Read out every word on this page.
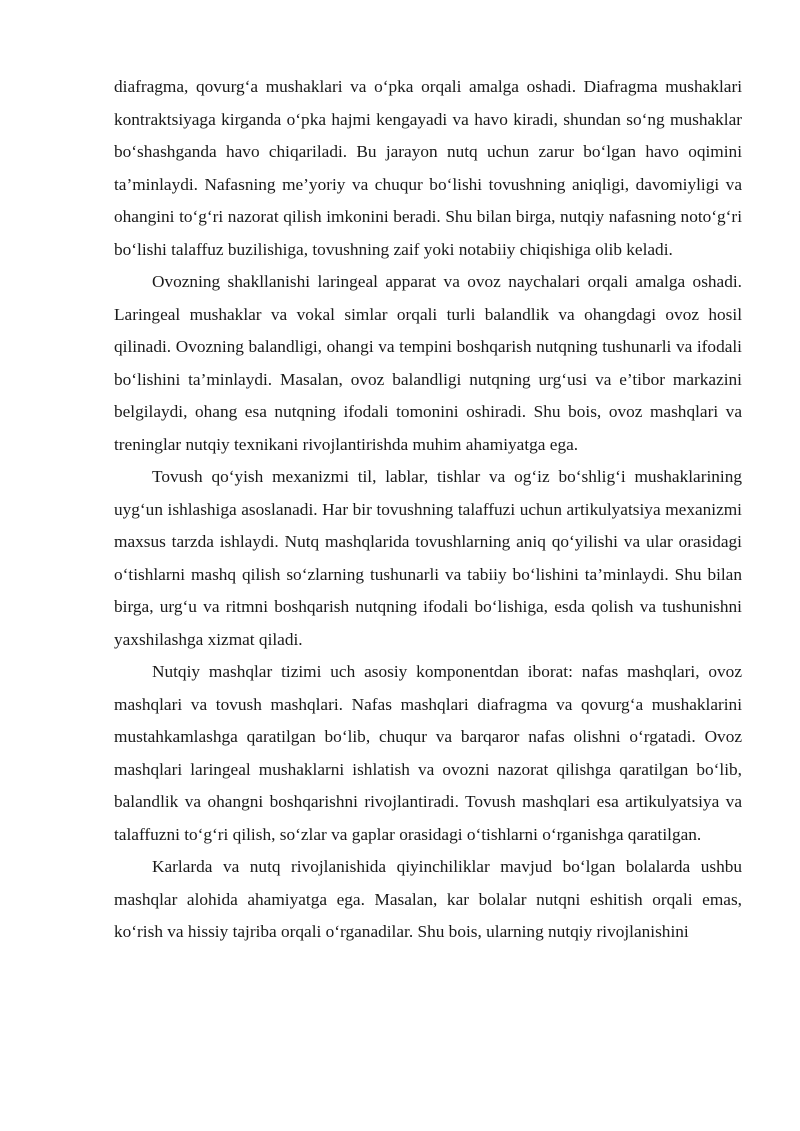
diafragma, qovurg‘a mushaklari va o‘pka orqali amalga oshadi. Diafragma mushaklari kontraktsiyaga kirganda o‘pka hajmi kengayadi va havo kiradi, shundan so‘ng mushaklar bo‘shashganda havo chiqariladi. Bu jarayon nutq uchun zarur bo‘lgan havo oqimini ta’minlaydi. Nafasning me’yoriy va chuqur bo‘lishi tovushning aniqligi, davomiyligi va ohangini to‘g‘ri nazorat qilish imkonini beradi. Shu bilan birga, nutqiy nafasning noto‘g‘ri bo‘lishi talaffuz buzilishiga, tovushning zaif yoki notabiiy chiqishiga olib keladi.

Ovozning shakllanishi laringeal apparat va ovoz naychalari orqali amalga oshadi. Laringeal mushaklar va vokal simlar orqali turli balandlik va ohangdagi ovoz hosil qilinadi. Ovozning balandligi, ohangi va tempini boshqarish nutqning tushunarli va ifodali bo‘lishini ta’minlaydi. Masalan, ovoz balandligi nutqning urg‘usi va e’tibor markazini belgilaydi, ohang esa nutqning ifodali tomonini oshiradi. Shu bois, ovoz mashqlari va treninglar nutqiy texnikani rivojlantirishda muhim ahamiyatga ega.

Tovush qo‘yish mexanizmi til, lablar, tishlar va og‘iz bo‘shlig‘i mushaklarining uyg‘un ishlashiga asoslanadi. Har bir tovushning talaffuzi uchun artikulyatsiya mexanizmi maxsus tarzda ishlaydi. Nutq mashqlarida tovushlarning aniq qo‘yilishi va ular orasidagi o‘tishlarni mashq qilish so‘zlarning tushunarli va tabiiy bo‘lishini ta’minlaydi. Shu bilan birga, urg‘u va ritmni boshqarish nutqning ifodali bo‘lishiga, esda qolish va tushunishni yaxshilashga xizmat qiladi.

Nutqiy mashqlar tizimi uch asosiy komponentdan iborat: nafas mashqlari, ovoz mashqlari va tovush mashqlari. Nafas mashqlari diafragma va qovurg‘a mushaklarini mustahkamlashga qaratilgan bo‘lib, chuqur va barqaror nafas olishni o‘rgatadi. Ovoz mashqlari laringeal mushaklarni ishlatish va ovozni nazorat qilishga qaratilgan bo‘lib, balandlik va ohangni boshqarishni rivojlantiradi. Tovush mashqlari esa artikulyatsiya va talaffuzni to‘g‘ri qilish, so‘zlar va gaplar orasidagi o‘tishlarni o‘rganishga qaratilgan.

Karlarda va nutq rivojlanishida qiyinchiliklar mavjud bo‘lgan bolalarda ushbu mashqlar alohida ahamiyatga ega. Masalan, kar bolalar nutqni eshitish orqali emas, ko‘rish va hissiy tajriba orqali o‘rganadilar. Shu bois, ularning nutqiy rivojlanishini
